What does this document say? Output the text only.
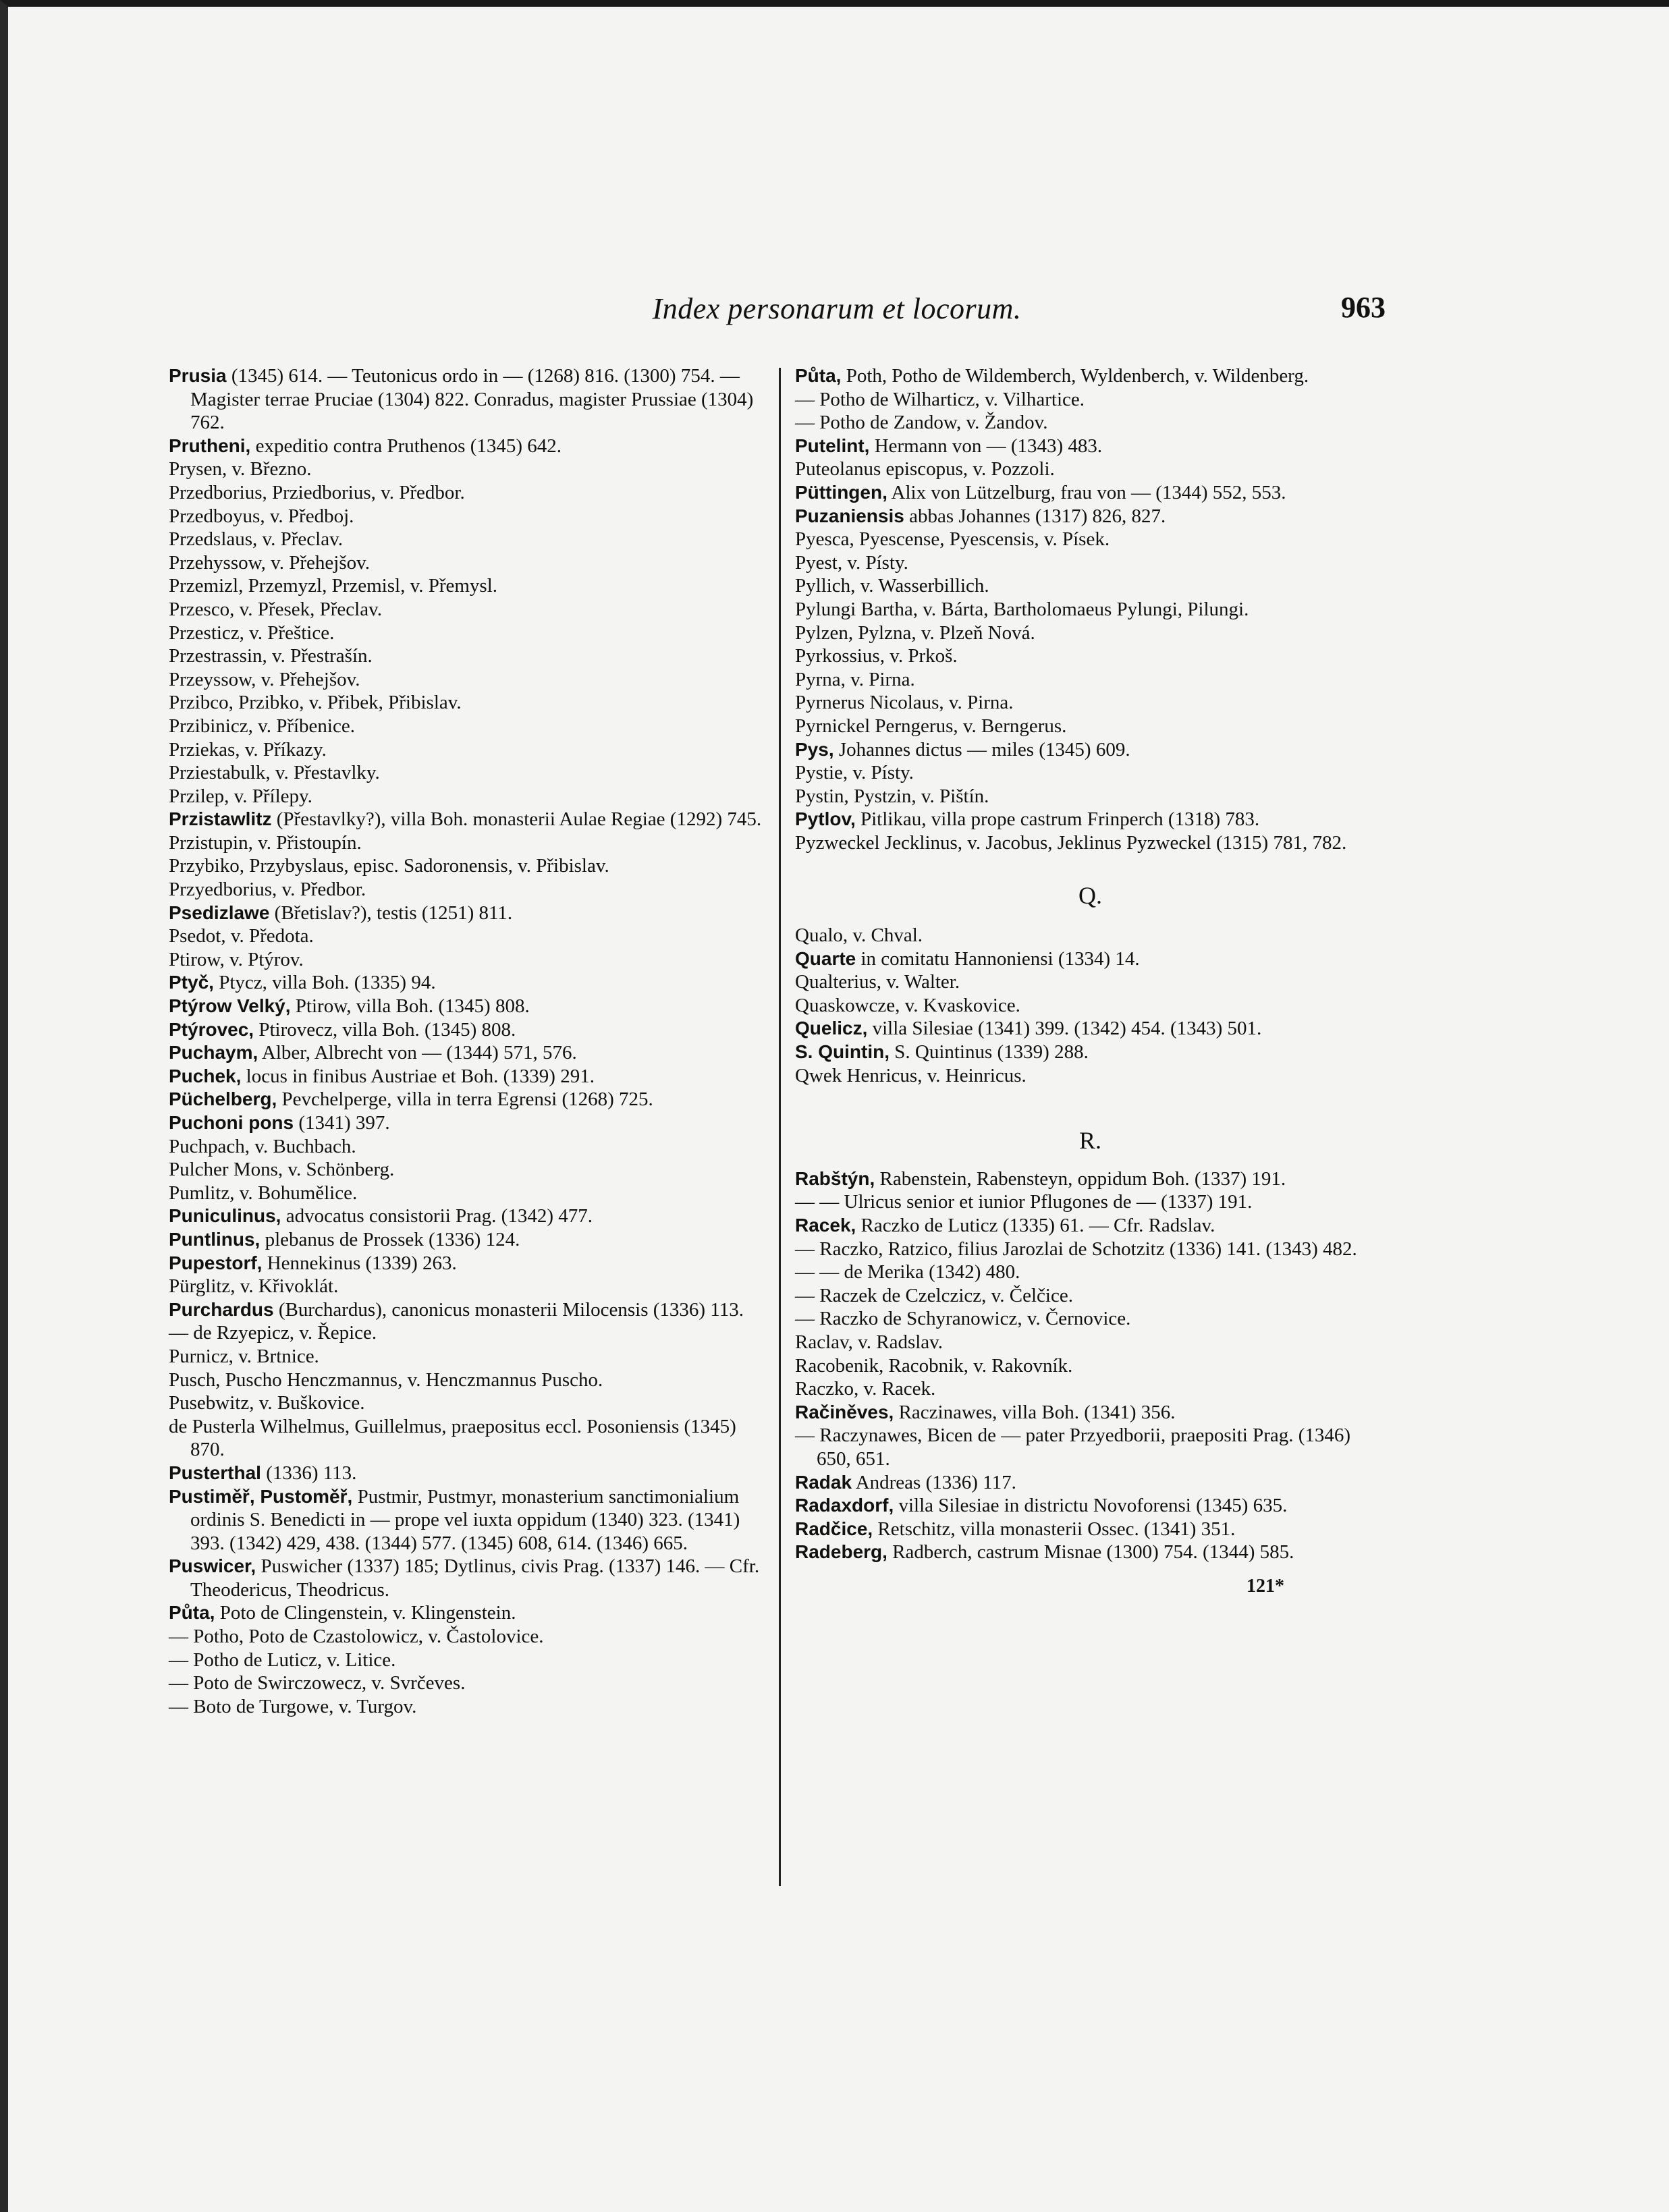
Index personarum et locorum.	963

Prusia (1345) 614. — Teutonicus ordo in — (1268) 816. (1300) 754. — Magister terrae Pruciae (1304) 822. Conradus, magister Prussiae (1304) 762.

Prutheni, expeditio contra Pruthenos (1345) 642.

Prysen, v. Březno.

Przedborius, Prziedborius, v. Předbor.

Przedboyus, v. Předboj.

Przedslaus, v. Přeclav.

Przehyssow, v. Přehejšov.

Przemizl, Przemyzl, Przemisl, v. Přemysl.

Przesco, v. Přesek, Přeclav.

Przesticz, v. Přeštice.

Przestrassin, v. Přestrašín.

Przeyssow, v. Přehejšov.

Przibco, Przibko, v. Přibek, Přibislav.

Przibinicz, v. Příbenice.

Prziekas, v. Příkazy.

Prziestabulk, v. Přestavlky.

Przilep, v. Přílepy.

Przistawlitz (Přestavlky?), villa Boh. monasterii Aulae Regiae (1292) 745.

Przistupin, v. Přistoupín.

Przybiko, Przybyslaus, episc. Sadoronensis, v. Přibislav.

Przyedborius, v. Předbor.

Psedizlawe (Břetislav?), testis (1251) 811.

Psedot, v. Předota.

Ptirow, v. Ptýrov.

Ptyč, Ptycz, villa Boh. (1335) 94.

Ptýrow Velký, Ptirow, villa Boh. (1345) 808.

Ptýrovec, Ptirovecz, villa Boh. (1345) 808.

Puchaym, Alber, Albrecht von — (1344) 571, 576.

Puchek, locus in finibus Austriae et Boh. (1339) 291.

Püchelberg, Pevchelperge, villa in terra Egrensi (1268) 725.

Puchoni pons (1341) 397.

Puchpach, v. Buchbach.

Pulcher Mons, v. Schönberg.

Pumlitz, v. Bohumělice.

Puniculinus, advocatus consistorii Prag. (1342) 477.

Puntlinus, plebanus de Prossek (1336) 124.

Pupestorf, Hennekinus (1339) 263.

Pürglitz, v. Křivoklát.

Purchardus (Burchardus), canonicus monasterii Milocensis (1336) 113.

— de Rzyepicz, v. Řepice.

Purnicz, v. Brtnice.

Pusch, Puscho Henczmannus, v. Henczmannus Puscho.

Pusebwitz, v. Buškovice.

de Pusterla Wilhelmus, Guillelmus, praepositus eccl. Posoniensis (1345) 870.

Pusterthal (1336) 113.

Pustiměř, Pustoměř, Pustmir, Pustmyr, monasterium sanctimonialium ordinis S. Benedicti in — prope vel iuxta oppidum (1340) 323. (1341) 393. (1342) 429, 438. (1344) 577. (1345) 608, 614. (1346) 665.

Puswicer, Puswicher (1337) 185; Dytlinus, civis Prag. (1337) 146. — Cfr. Theodericus, Theodricus.

Půta, Poto de Clingenstein, v. Klingenstein.

— Potho, Poto de Czastolowicz, v. Častolovice.

— Potho de Luticz, v. Litice.

— Poto de Swirczowecz, v. Svrčeves.

— Boto de Turgowe, v. Turgov.

Půta, Poth, Potho de Wildemberch, Wyldenberch, v. Wildenberg.

— Potho de Wilharticz, v. Vilhartice.

— Potho de Zandow, v. Žandov.

Putelint, Hermann von — (1343) 483.

Puteolanus episcopus, v. Pozzoli.

Püttingen, Alix von Lützelburg, frau von — (1344) 552, 553.

Puzaniensis abbas Johannes (1317) 826, 827.

Pyesca, Pyescense, Pyescensis, v. Písek.

Pyest, v. Písty.

Pyllich, v. Wasserbillich.

Pylungi Bartha, v. Bárta, Bartholomaeus Pylungi, Pilungi.

Pylzen, Pylzna, v. Plzeň Nová.

Pyrkossius, v. Prkoš.

Pyrna, v. Pirna.

Pyrnerus Nicolaus, v. Pirna.

Pyrnickel Perngerus, v. Berngerus.

Pys, Johannes dictus — miles (1345) 609.

Pystie, v. Písty.

Pystin, Pystzin, v. Pištín.

Pytlov, Pitlikau, villa prope castrum Frinperch (1318) 783.

Pyzweckel Jecklinus, v. Jacobus, Jeklinus Pyzweckel (1315) 781, 782.

Q.

Qualo, v. Chval.

Quarte in comitatu Hannoniensi (1334) 14.

Qualterius, v. Walter.

Quaskowcze, v. Kvaskovice.

Quelicz, villa Silesiae (1341) 399. (1342) 454. (1343) 501.

S. Quintin, S. Quintinus (1339) 288.

Qwek Henricus, v. Heinricus.

R.

Rabštýn, Rabenstein, Rabensteyn, oppidum Boh. (1337) 191.

— — Ulricus senior et iunior Pflugones de — (1337) 191.

Racek, Raczko de Luticz (1335) 61. — Cfr. Radslav.

— Raczko, Ratzico, filius Jarozlai de Schotzitz (1336) 141. (1343) 482.

— — de Merika (1342) 480.

— Raczek de Czelczicz, v. Čelčice.

— Raczko de Schyranowicz, v. Černovice.

Raclav, v. Radslav.

Racobenik, Racobnik, v. Rakovník.

Raczko, v. Racek.

Račiněves, Raczinawes, villa Boh. (1341) 356.

— Raczynawes, Bicen de — pater Przyedborii, praepositi Prag. (1346) 650, 651.

Radak Andreas (1336) 117.

Radaxdorf, villa Silesiae in districtu Novoforensi (1345) 635.

Radčice, Retschitz, villa monasterii Ossec. (1341) 351.

Radeberg, Radberch, castrum Misnae (1300) 754. (1344) 585.

121*
